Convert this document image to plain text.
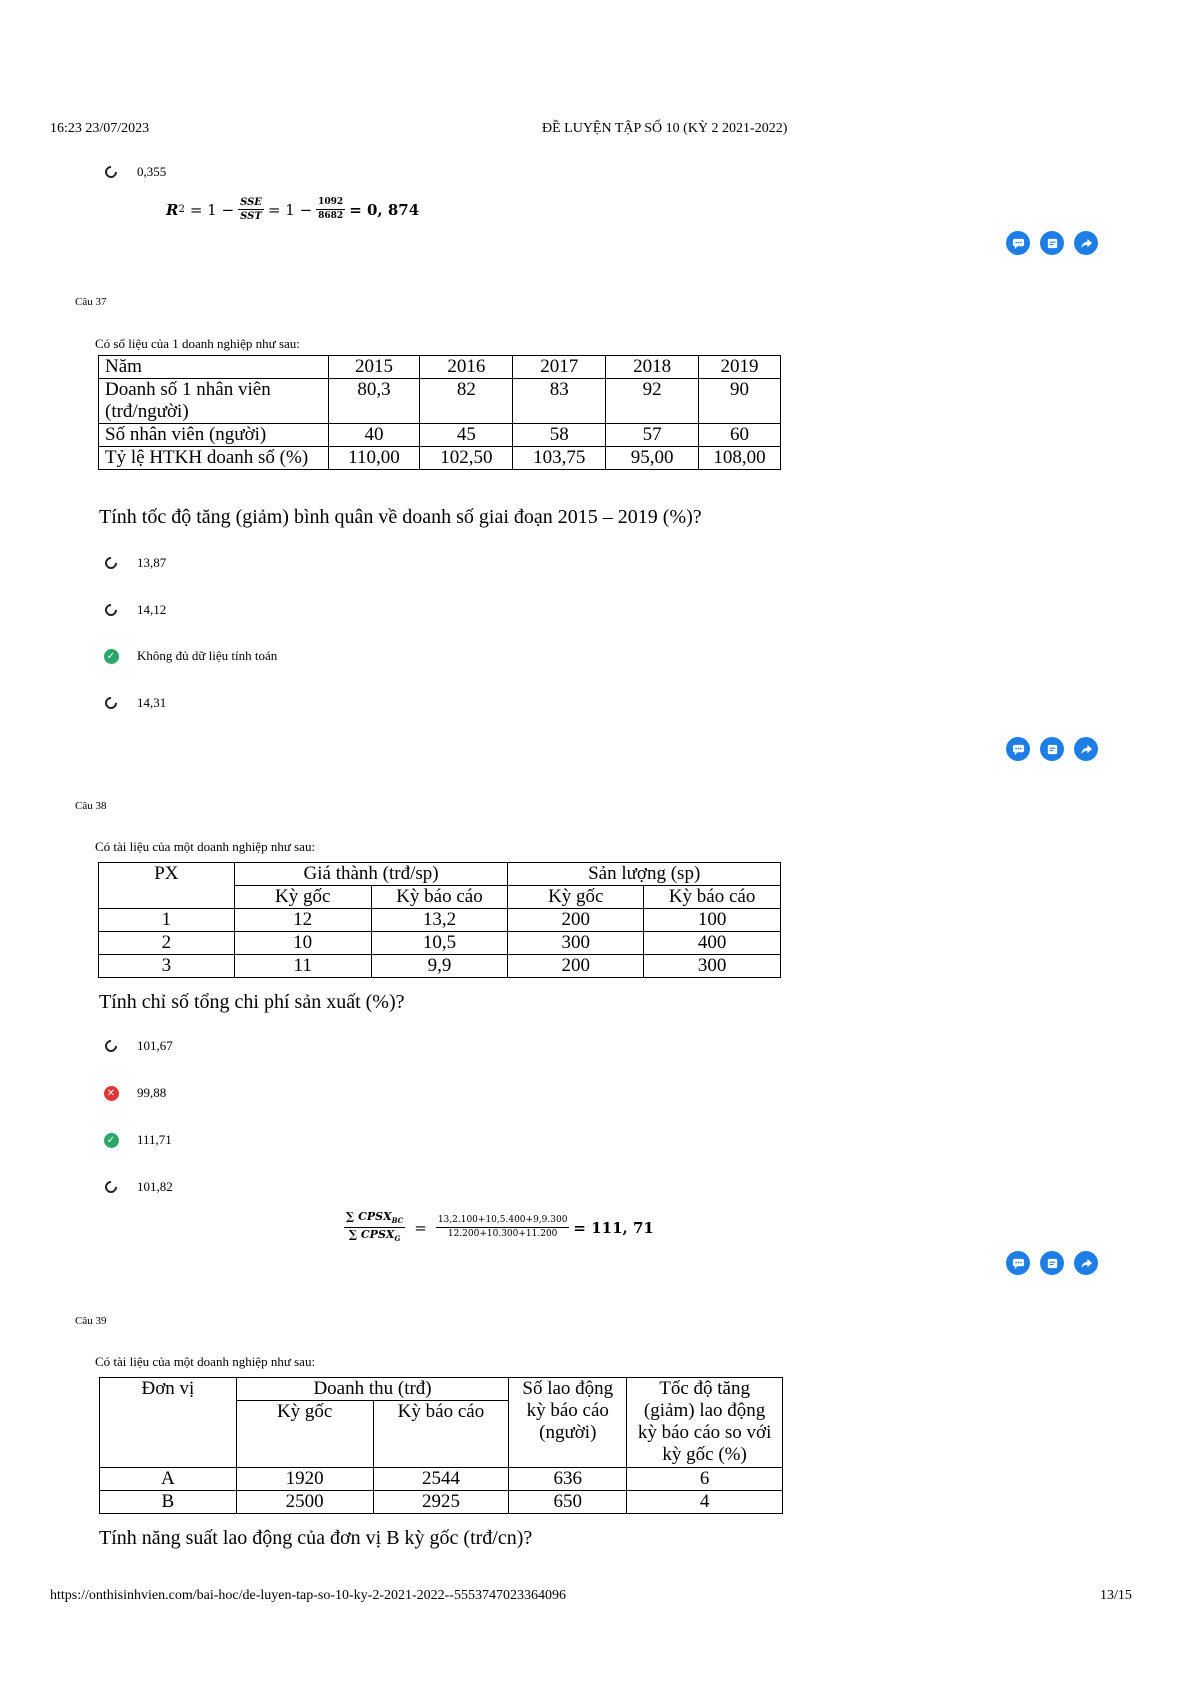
16:23 23/07/2023	ĐỀ LUYỆN TẬP SỐ 10 (KỲ 2 2021-2022)
0,355
R $2 = 1 - \frac{\text{SSE}}{\text{SST}} = 1 - \frac{1092}{8682} = 0$, 874
Câu 37
Có số liệu của 1 doanh nghiệp như sau:
Năm	2015	2016	2017	2018	2019
Doanh số 1 nhân viên (trđ/người)	80,3	82	83	92	90
Số nhân viên (người)	40	45	58	57	60
Tỷ lệ HTKH doanh số (%)	110,00	102,50	103,75	95,00	108,00
Tính tốc độ tăng (giảm) bình quân về doanh số giai đoạn 2015 – 2019 (%)?
13,87
14,12
✓ Không đủ dữ liệu tính toán
14,31
Câu 38
Có tài liệu của một doanh nghiệp như sau:
PX	Giá thành (trđ/sp)		Sản lượng (sp)	
	Kỳ gốc	Kỳ báo cáo	Kỳ gốc	Kỳ báo cáo
1	12	13,2	200	100
2	10	10,5	300	400
3	11	9,9	200	300
Tính chỉ số tổng chi phí sản xuất (%)?
101,67
✕ 99,88
✓ 111,71
101,82
$\frac{\sum CPSX_{BC}}{\sum CPSX_G} = \frac{13,2.100+10,5.400+9,9.300}{12.200+10.300+11.200} = 111$, 71
Câu 39
Có tài liệu của một doanh nghiệp như sau:
Đơn vị	Doanh thu (trđ)		Số lao động kỳ báo cáo (người)	Tốc độ tăng (giảm) lao động kỳ báo cáo so với kỳ gốc (%)
	Kỳ gốc	Kỳ báo cáo		
A	1920	2544	636	6
B	2500	2925	650	4
Tính năng suất lao động của đơn vị B kỳ gốc (trđ/cn)?
https://onthisinhvien.com/bai-hoc/de-luyen-tap-so-10-ky-2-2021-2022--5553747023364096	13/15
